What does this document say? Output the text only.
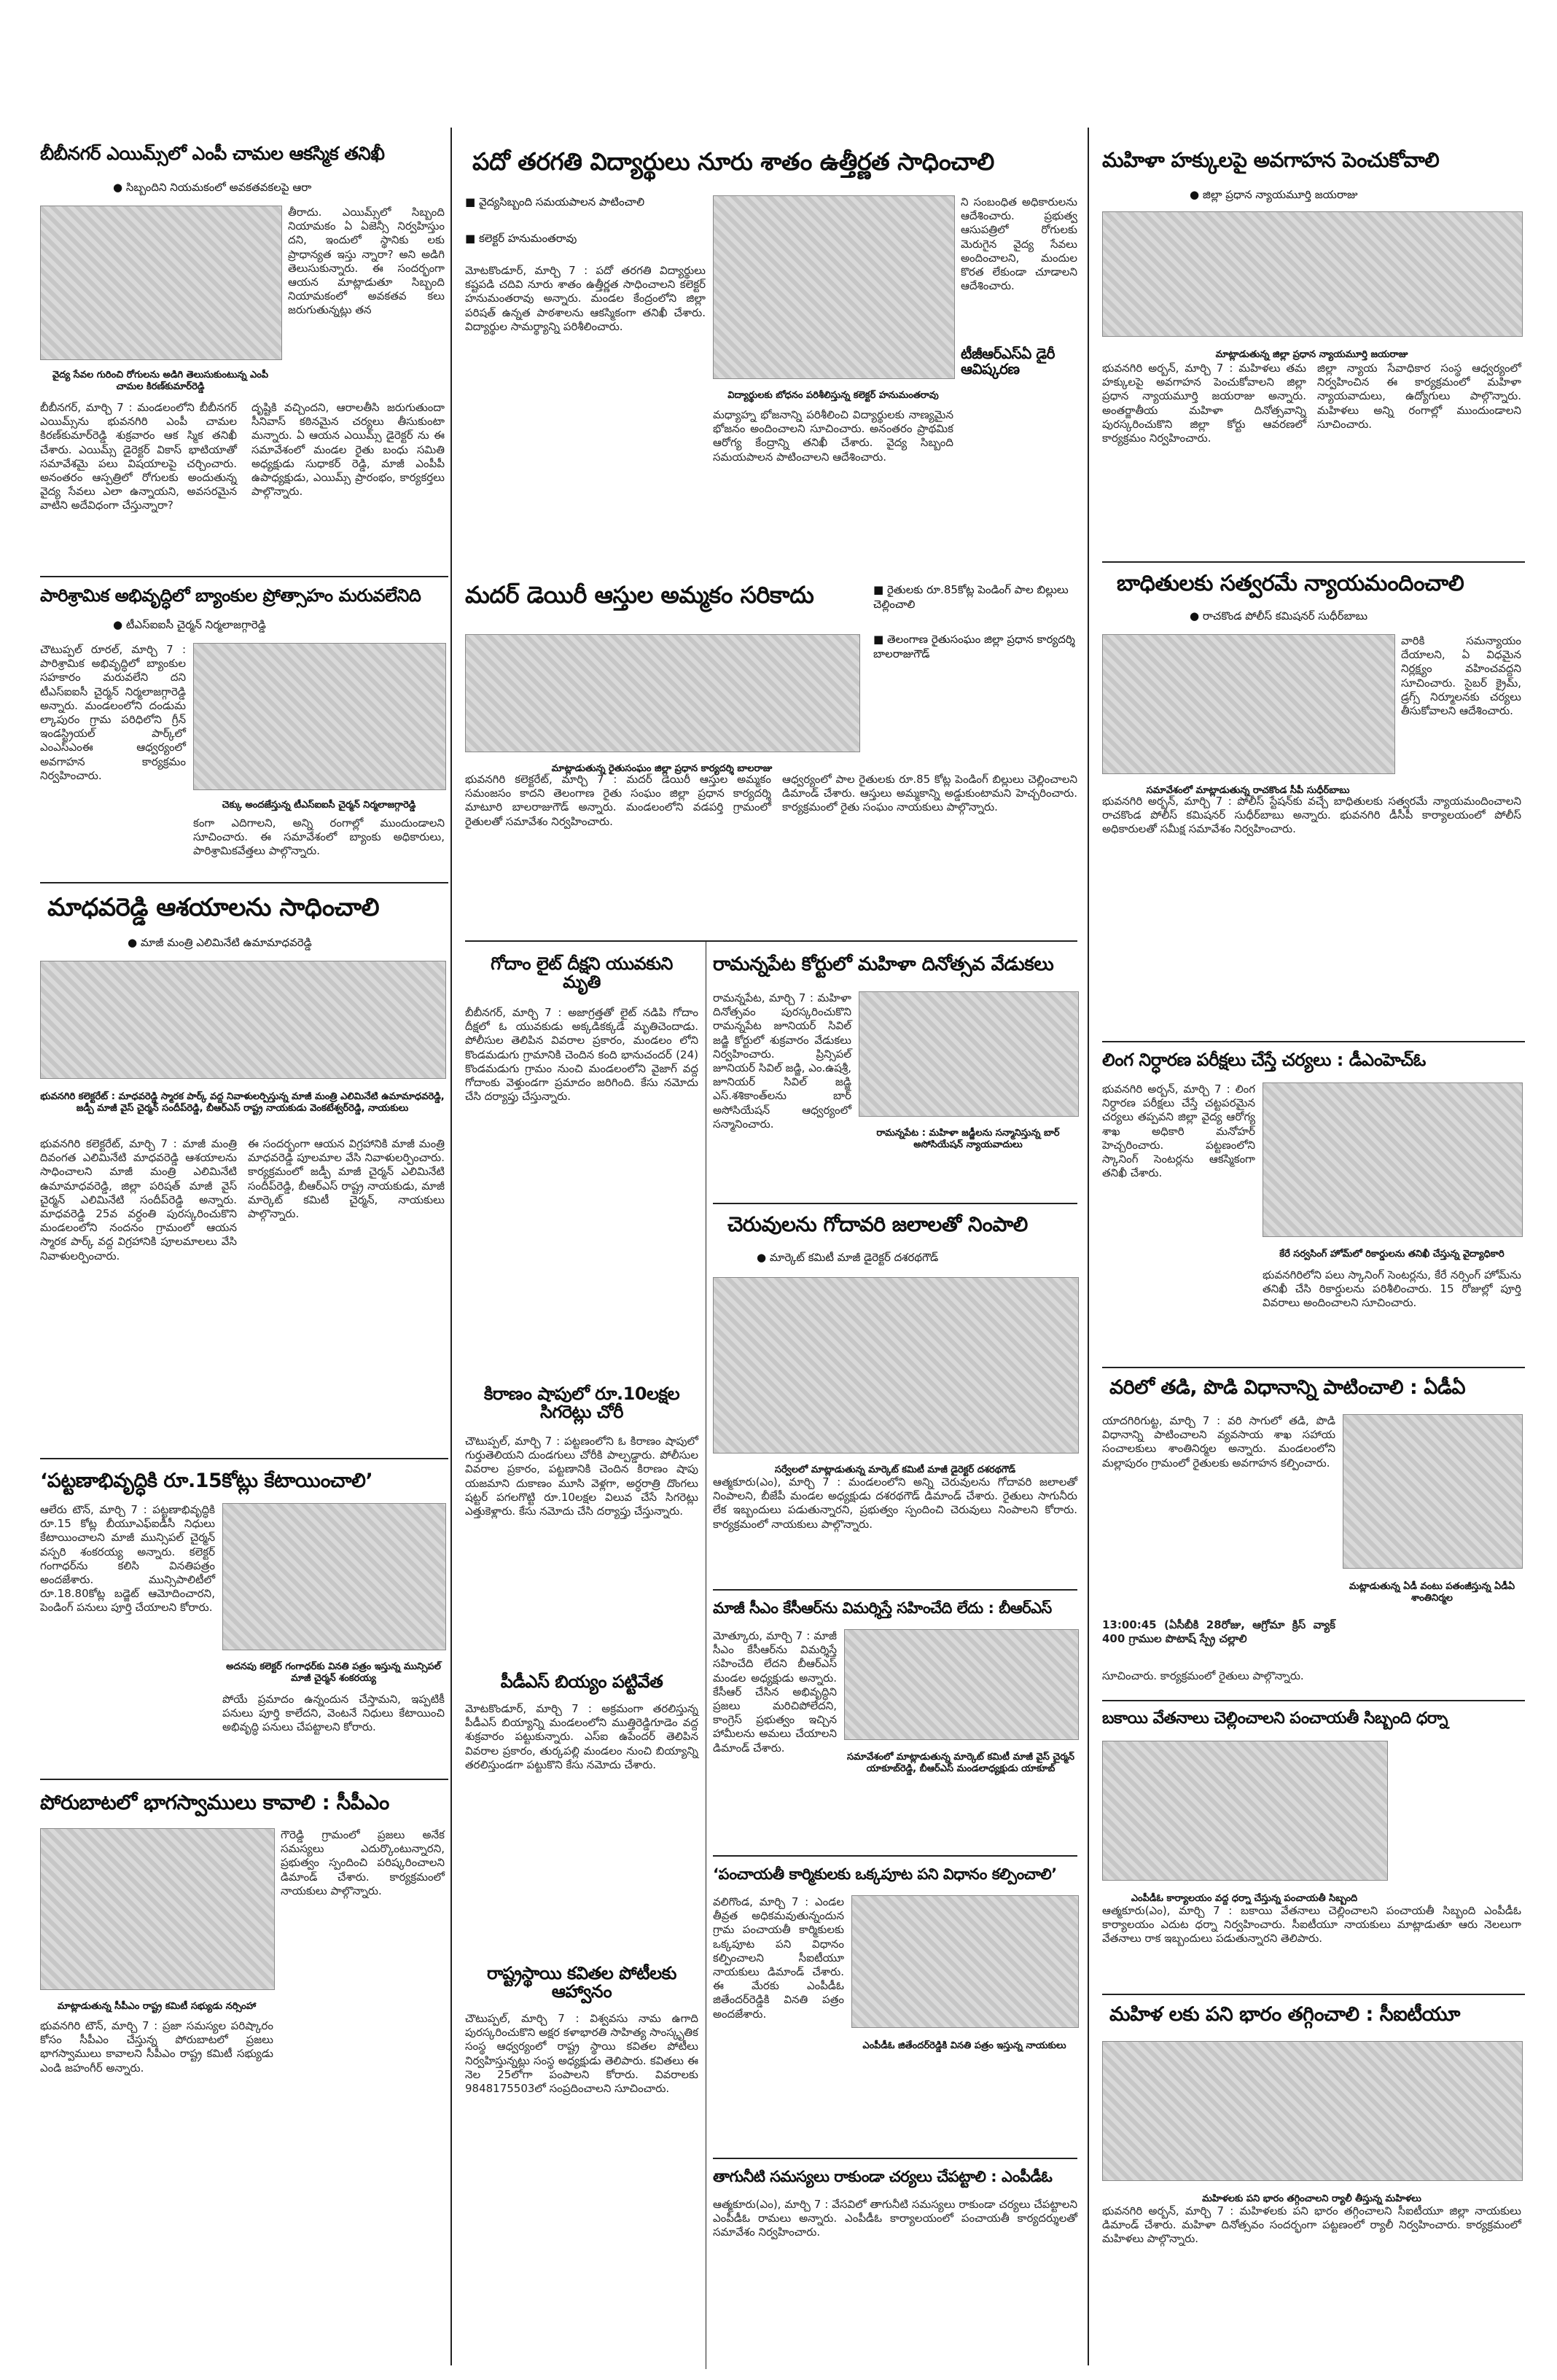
బీబీనగర్ ఎయిమ్స్‌లో ఎంపీ చామల ఆకస్మిక తనిఖీ

● సిబ్బందిని నియమకంలో అవకతవకలపై ఆరా

తీరాదు. ఎయిమ్స్‌లో సిబ్బంది నియామకం ఏ ఏజెన్సీ నిర్వహిస్తుం దని, ఇందులో స్థానికు లకు ప్రాధాన్యత ఇస్తు న్నారా? అని అడిగి తెలుసుకున్నారు. ఈ సందర్భంగా ఆయన మాట్లాడుతూ సిబ్బంది నియామకంలో అవకతవ కలు జరుగుతున్నట్లు తన

వైద్య సేవల గురించి రోగులను అడిగి తెలుసుకుంటున్న ఎంపీ చామల కిరణ్‌కుమార్‌రెడ్డి

బీబీనగర్, మార్చి 7 : మండలంలోని బీబీనగర్ ఎయిమ్స్‌ను భువనగిరి ఎంపీ చామల కిరణ్‌కుమార్‌రెడ్డి శుక్రవారం ఆక స్మిక తనిఖీ చేశారు. ఎయిమ్స్ డైరెక్టర్ వికాస్ భాటియాతో సమావేశమై పలు విషయాలపై చర్చించారు. అనంతరం ఆస్పత్రిలో రోగులకు అందుతున్న వైద్య సేవలు ఎలా ఉన్నాయని, అవసరమైన వాటిని అదేవిధంగా చేస్తున్నారా?

దృష్టికి వచ్చిందని, ఆరాలతీసి జరుగుతుందా సీనివాస్ కఠినమైన చర్యలు తీసుకుంటా మన్నారు. ఏ ఆయన ఎయిమ్స్ డైరెక్టర్ ను ఈ సమావేశంలో మండల రైతు బంధు సమితి అధ్యక్షుడు సుధాకర్ రెడ్డి, మాజీ ఎంపీపీ ఉపాధ్యక్షుడు, ఎయిమ్స్ ప్రారంభం, కార్యకర్తలు పాల్గొన్నారు.

పారిశ్రామిక అభివృద్ధిలో బ్యాంకుల ప్రోత్సాహం మరువలేనిది

● టీఎస్ఐఐసీ చైర్మన్ నిర్మలాజగ్గారెడ్డి

చౌటుప్పల్ రూరల్, మార్చి 7 : పారిశ్రామిక అభివృద్ధిలో బ్యాంకుల సహకారం మరువలేని దని టీఎస్ఐఐసీ చైర్మన్ నిర్మలాజగ్గారెడ్డి అన్నారు. మండలంలోని దండుమ ల్కాపురం గ్రామ పరిధిలోని గ్రీన్ ఇండస్ట్రియల్ పార్క్‌లో ఎంఎస్ఎంఈ ఆధ్వర్యంలో అవగాహన కార్యక్రమం నిర్వహించారు.

చెక్కు అందజేస్తున్న టీఎస్ఐఐసీ చైర్మన్ నిర్మలాజగ్గారెడ్డి

కంగా ఎదిగాలని, అన్ని రంగాల్లో ముందుండాలని సూచించారు. ఈ సమావేశంలో బ్యాంకు అధికారులు, పారిశ్రామికవేత్తలు పాల్గొన్నారు.

మాధవరెడ్డి ఆశయాలను సాధించాలి

● మాజీ మంత్రి ఎలిమినేటి ఉమామాధవరెడ్డి

భువనగిరి కలెక్టరేట్ : మాధవరెడ్డి స్మారక పార్క్ వద్ద నివాళులర్పిస్తున్న మాజీ మంత్రి ఎలిమినేటి ఉమామాధవరెడ్డి, జడ్పీ మాజీ వైస్ చైర్మన్ సందీప్‌రెడ్డి, బీఆర్ఎస్ రాష్ట్ర నాయకుడు వెంకటేశ్వర్‌రెడ్డి, నాయకులు

భువనగిరి కలెక్టరేట్, మార్చి 7 : మాజీ మంత్రి దివంగత ఎలిమినేటి మాధవరెడ్డి ఆశయాలను సాధించాలని మాజీ మంత్రి ఎలిమినేటి ఉమామాధవరెడ్డి, జిల్లా పరిషత్ మాజీ వైస్ చైర్మన్ ఎలిమినేటి సందీప్‌రెడ్డి అన్నారు. మాధవరెడ్డి 25వ వర్ధంతి పురస్కరించుకొని మండలంలోని నందనం గ్రామంలో ఆయన స్మారక పార్క్ వద్ద విగ్రహానికి పూలమాలలు వేసి నివాళులర్పించారు.

ఈ సందర్భంగా ఆయన విగ్రహానికి మాజీ మంత్రి మాధవరెడ్డి పూలమాల వేసి నివాళులర్పించారు. కార్యక్రమంలో జడ్పీ మాజీ చైర్మన్ ఎలిమినేటి సందీప్‌రెడ్డి, బీఆర్ఎస్ రాష్ట్ర నాయకుడు, మాజీ మార్కెట్ కమిటీ చైర్మన్, నాయకులు పాల్గొన్నారు.

‘పట్టణాభివృద్ధికి రూ.15కోట్లు కేటాయించాలి’

ఆలేరు టౌన్, మార్చి 7 : పట్టణాభివృద్ధికి రూ.15 కోట్ల బీయూఎఫ్ఐడీసీ నిధులు కేటాయించాలని మాజీ మున్సిపల్ చైర్మన్ వస్పరి శంకరయ్య అన్నారు. కలెక్టర్ గంగాధర్‌ను కలిసి వినతిపత్రం అందజేశారు. మున్సిపాలిటీలో రూ.18.80కోట్ల బడ్జెట్ ఆమోదించారని, పెండింగ్ పనులు పూర్తి చేయాలని కోరారు.

అదనపు కలెక్టర్ గంగాధర్‌కు వినతి పత్రం ఇస్తున్న మున్సిపల్ మాజీ చైర్మన్ శంకరయ్య

పోయే ప్రమాదం ఉన్నందున చేస్తామని, ఇప్పటికీ పనులు పూర్తి కాలేదని, వెంటనే నిధులు కేటాయించి అభివృద్ధి పనులు చేపట్టాలని కోరారు.

పోరుబాటలో భాగస్వాములు కావాలి : సీపీఎం

గౌరెడ్డి గ్రామంలో ప్రజలు అనేక సమస్యలు ఎదుర్కొంటున్నారని, ప్రభుత్వం స్పందించి పరిష్కరించాలని డిమాండ్ చేశారు. కార్యక్రమంలో నాయకులు పాల్గొన్నారు.

మాట్లాడుతున్న సీపీఎం రాష్ట్ర కమిటీ సభ్యుడు నర్సింహా

భువనగిరి టౌన్, మార్చి 7 : ప్రజా సమస్యల పరిష్కారం కోసం సీపీఎం చేస్తున్న పోరుబాటలో ప్రజలు భాగస్వాములు కావాలని సీపీఎం రాష్ట్ర కమిటీ సభ్యుడు ఎండి జహంగీర్ అన్నారు.

పదో తరగతి విద్యార్థులు నూరు శాతం ఉత్తీర్ణత సాధించాలి

■ వైద్యసిబ్బంది సమయపాలన పాటించాలి

■ కలెక్టర్ హనుమంతరావు

మోటకొండూర్, మార్చి 7 : పదో తరగతి విద్యార్థులు కష్టపడి చదివి నూరు శాతం ఉత్తీర్ణత సాధించాలని కలెక్టర్ హనుమంతరావు అన్నారు. మండల కేంద్రంలోని జిల్లా పరిషత్ ఉన్నత పాఠశాలను ఆకస్మికంగా తనిఖీ చేశారు. విద్యార్థుల సామర్థ్యాన్ని పరిశీలించారు.

విద్యార్థులకు బోధనం పరిశీలిస్తున్న కలెక్టర్ హనుమంతరావు

మధ్యాహ్న భోజనాన్ని పరిశీలించి విద్యార్థులకు నాణ్యమైన భోజనం అందించాలని సూచించారు. అనంతరం ప్రాథమిక ఆరోగ్య కేంద్రాన్ని తనిఖీ చేశారు. వైద్య సిబ్బంది సమయపాలన పాటించాలని ఆదేశించారు.

ని సంబంధిత అధికారులను ఆదేశించారు. ప్రభుత్వ ఆసుపత్రిలో రోగులకు మెరుగైన వైద్య సేవలు అందించాలని, మందుల కొరత లేకుండా చూడాలని ఆదేశించారు.

టీజీఆర్ఎస్‌ఏ డైరీ ఆవిష్కరణ

మదర్ డెయిరీ ఆస్తుల అమ్మకం సరికాదు

■	రైతులకు రూ.85కోట్ల పెండింగ్ పాల బిల్లులు చెల్లించాలి

■ తెలంగాణ రైతుసంఘం జిల్లా ప్రధాన కార్యదర్శి బాలరాజుగౌడ్

మాట్లాడుతున్న రైతుసంఘం జిల్లా ప్రధాన కార్యదర్శి బాలరాజు

భువనగిరి కలెక్టరేట్, మార్చి 7 : మదర్ డెయిరీ ఆస్తుల అమ్మకం సమంజసం కాదని తెలంగాణ రైతు సంఘం జిల్లా ప్రధాన కార్యదర్శి మాటూరి బాలరాజుగౌడ్ అన్నారు. మండలంలోని వడపర్తి గ్రామంలో రైతులతో సమావేశం నిర్వహించారు.

ఆధ్వర్యంలో పాల రైతులకు రూ.85 కోట్ల పెండింగ్ బిల్లులు చెల్లించాలని డిమాండ్ చేశారు. ఆస్తులు అమ్మకాన్ని అడ్డుకుంటామని హెచ్చరించారు. కార్యక్రమంలో రైతు సంఘం నాయకులు పాల్గొన్నారు.

గోదాం లైట్ దీక్షని యువకుని మృతి

బీబీనగర్, మార్చి 7 : అజాగ్రత్తతో లైట్ నడిపి గోదాం దీక్షలో ఓ యువకుడు అక్కడికక్కడే మృతిచెందాడు. పోలీసుల తెలిపిన వివరాల ప్రకారం, మండలం లోని కొండమడుగు గ్రామానికి చెందిన కంది భానుచందర్ (24) కొండమడుగు గ్రామం నుంచి మండలంలోని వైజాగ్ వద్ద గోదాంకు వెళ్తుండగా ప్రమాదం జరిగింది. కేసు నమోదు చేసి దర్యాప్తు చేస్తున్నారు.

కిరాణం షాపులో రూ.10లక్షల సిగరెట్లు చోరీ

చౌటుప్పల్, మార్చి 7 : పట్టణంలోని ఓ కిరాణం షాపులో గుర్తుతెలియని దుండగులు చోరీకి పాల్పడ్డారు. పోలీసుల వివరాల ప్రకారం, పట్టణానికి చెందిన కిరాణం షాపు యజమాని దుకాణం మూసి వెళ్లగా, అర్ధరాత్రి దొంగలు షట్టర్ పగలగొట్టి రూ.10లక్షల విలువ చేసే సిగరెట్లు ఎత్తుకెళ్లారు. కేసు నమోదు చేసి దర్యాప్తు చేస్తున్నారు.

పీడీఎస్ బియ్యం పట్టివేత

మోటకొండూర్, మార్చి 7 : అక్రమంగా తరలిస్తున్న పీడీఎస్ బియ్యాన్ని మండలంలోని ముత్తిరెడ్డిగూడెం వద్ద శుక్రవారం పట్టుకున్నారు. ఎస్ఐ ఉపేందర్ తెలిపిన వివరాల ప్రకారం, తుర్కపల్లి మండలం నుంచి బియ్యాన్ని తరలిస్తుండగా పట్టుకొని కేసు నమోదు చేశారు.

రాష్ట్రస్థాయి కవితల పోటీలకు ఆహ్వానం

చౌటుప్పల్, మార్చి 7 : విశ్వవసు నామ ఉగాది పురస్కరించుకొని అక్షర కళాభారతి సాహిత్య సాంస్కృతిక సంస్థ ఆధ్వర్యంలో రాష్ట్ర స్థాయి కవితల పోటీలు నిర్వహిస్తున్నట్లు సంస్థ అధ్యక్షుడు తెలిపారు. కవితలు ఈ నెల 25లోగా పంపాలని కోరారు. వివరాలకు 9848175503లో సంప్రదించాలని సూచించారు.

రామన్నపేట కోర్టులో మహిళా దినోత్సవ వేడుకలు

రామన్నపేట, మార్చి 7 : మహిళా దినోత్సవం పురస్కరించుకొని రామన్నపేట జూనియర్ సివిల్ జడ్జి కోర్టులో శుక్రవారం వేడుకలు నిర్వహించారు. ప్రిన్సిపల్ జూనియర్ సివిల్ జడ్జి, ఎం.ఉషశ్రీ, జూనియర్ సివిల్ జడ్జి ఎస్.శశికాంత్‌లను బార్ అసోసియేషన్ ఆధ్వర్యంలో సన్మానించారు.

రామన్నపేట : మహిళా జడ్జీలను సన్మానిస్తున్న బార్ అసోసియేషన్ న్యాయవాదులు

చెరువులను గోదావరి జలాలతో నింపాలి

● మార్కెట్ కమిటీ మాజీ డైరెక్టర్ దశరథగౌడ్

సర్వేలలో మాట్లాడుతున్న మార్కెట్ కమిటీ మాజీ డైరెక్టర్ దశరథగౌడ్

ఆత్మకూరు(ఎం), మార్చి 7 : మండలంలోని అన్ని చెరువులను గోదావరి జలాలతో నింపాలని, బీజేపీ మండల అధ్యక్షుడు దశరథగౌడ్ డిమాండ్ చేశారు. రైతులు సాగునీరు లేక ఇబ్బందులు పడుతున్నారని, ప్రభుత్వం స్పందించి చెరువులు నింపాలని కోరారు. కార్యక్రమంలో నాయకులు పాల్గొన్నారు.

మాజీ సీఎం కేసీఆర్‌ను విమర్శిస్తే సహించేది లేదు : బీఆర్ఎస్

మోత్కూరు, మార్చి 7 : మాజీ సీఎం కేసీఆర్‌ను విమర్శిస్తే సహించేది లేదని బీఆర్ఎస్ మండల అధ్యక్షుడు అన్నారు. కేసీఆర్ చేసిన అభివృద్ధిని ప్రజలు మరిచిపోలేదని, కాంగ్రెస్ ప్రభుత్వం ఇచ్చిన హామీలను అమలు చేయాలని డిమాండ్ చేశారు.

సమావేశంలో మాట్లాడుతున్న మార్కెట్ కమిటీ మాజీ వైస్ చైర్మన్ యాకూబ్‌రెడ్డి, బీఆర్ఎస్ మండలాధ్యక్షుడు యాకూబ్

‘పంచాయతీ కార్మికులకు ఒక్కపూట పని విధానం కల్పించాలి’

వలిగొండ, మార్చి 7 : ఎండల తీవ్రత అధికమవుతున్నందున గ్రామ పంచాయతీ కార్మికులకు ఒక్కపూట పని విధానం కల్పించాలని సీఐటీయూ నాయకులు డిమాండ్ చేశారు. ఈ మేరకు ఎంపీడీఓ జితేందర్‌రెడ్డికి వినతి పత్రం అందజేశారు.

ఎంపీడీఓ జితేందర్‌రెడ్డికి వినతి పత్రం ఇస్తున్న నాయకులు

తాగునీటి సమస్యలు రాకుండా చర్యలు చేపట్టాలి : ఎంపీడీఓ

ఆత్మకూరు(ఎం), మార్చి 7 : వేసవిలో తాగునీటి సమస్యలు రాకుండా చర్యలు చేపట్టాలని ఎంపీడీఓ రామలు అన్నారు. ఎంపీడీఓ కార్యాలయంలో పంచాయతీ కార్యదర్శులతో సమావేశం నిర్వహించారు.

మహిళా హక్కులపై అవగాహన పెంచుకోవాలి

● జిల్లా ప్రధాన న్యాయమూర్తి జయరాజు

మాట్లాడుతున్న జిల్లా ప్రధాన న్యాయమూర్తి జయరాజు

భువనగిరి అర్బన్, మార్చి 7 : మహిళలు తమ హక్కులపై అవగాహన పెంచుకోవాలని జిల్లా ప్రధాన న్యాయమూర్తి జయరాజు అన్నారు. అంతర్జాతీయ మహిళా దినోత్సవాన్ని పురస్కరించుకొని జిల్లా కోర్టు ఆవరణలో కార్యక్రమం నిర్వహించారు.

జిల్లా న్యాయ సేవాధికార సంస్థ ఆధ్వర్యంలో నిర్వహించిన ఈ కార్యక్రమంలో మహిళా న్యాయవాదులు, ఉద్యోగులు పాల్గొన్నారు. మహిళలు అన్ని రంగాల్లో ముందుండాలని సూచించారు.

బాధితులకు సత్వరమే న్యాయమందించాలి

● రాచకొండ పోలీస్ కమిషనర్ సుధీర్‌బాబు

వారికి సమన్యాయం దేయాలని, ఏ విధమైన నిర్లక్ష్యం వహించవద్దని సూచించారు. సైబర్ క్రైమ్, డ్రగ్స్ నిర్మూలనకు చర్యలు తీసుకోవాలని ఆదేశించారు.

సమావేశంలో మాట్లాడుతున్న రాచకొండ సీపీ సుధీర్‌బాబు

భువనగిరి అర్బన్, మార్చి 7 : పోలీస్ స్టేషన్‌కు వచ్చే బాధితులకు సత్వరమే న్యాయమందించాలని రాచకొండ పోలీస్ కమిషనర్ సుధీర్‌బాబు అన్నారు. భువనగిరి డీసీపీ కార్యాలయంలో పోలీస్ అధికారులతో సమీక్ష సమావేశం నిర్వహించారు.

లింగ నిర్ధారణ పరీక్షలు చేస్తే చర్యలు : డీఎంహెచ్ఓ

భువనగిరి అర్బన్, మార్చి 7 : లింగ నిర్ధారణ పరీక్షలు చేస్తే చట్టపరమైన చర్యలు తప్పవని జిల్లా వైద్య ఆరోగ్య శాఖ అధికారి మనోహర్ హెచ్చరించారు. పట్టణంలోని స్కానింగ్ సెంటర్లను ఆకస్మికంగా తనిఖీ చేశారు.

కేరే సర్వసింగ్ హోమ్‌లో రికార్డులను తనిఖీ చేస్తున్న వైద్యాధికారి

భువనగిరిలోని పలు స్కానింగ్ సెంటర్లను, కేరే నర్సింగ్ హోమ్‌ను తనిఖీ చేసి రికార్డులను పరిశీలించారు. 15 రోజుల్లో పూర్తి వివరాలు అందించాలని సూచించారు.

వరిలో తడి, పొడి విధానాన్ని పాటించాలి : ఏడీఏ

యాదగిరిగుట్ట, మార్చి 7 : వరి సాగులో తడి, పొడి విధానాన్ని పాటించాలని వ్యవసాయ శాఖ సహాయ సంచాలకులు శాంతినిర్మల అన్నారు. మండలంలోని మల్లాపురం గ్రామంలో రైతులకు అవగాహన కల్పించారు.

మట్లాడుతున్న ఏడీ వంటు పతంజీస్తున్న ఏడీఏ శాంతినిర్మల

13:00:45 (ఏసీబీకి 28రోజు, ఆగ్రోమా క్రిస్ వ్యాక్ 400 గ్రాముల పొటాష్ స్ప్రే చల్లాలి

సూచించారు. కార్యక్రమంలో రైతులు పాల్గొన్నారు.

బకాయి వేతనాలు చెల్లించాలని పంచాయతీ సిబ్బంది ధర్నా

ఎంపీడీఓ కార్యాలయం వద్ద ధర్నా చేస్తున్న పంచాయతీ సిబ్బంది

ఆత్మకూరు(ఎం), మార్చి 7 : బకాయి వేతనాలు చెల్లించాలని పంచాయతీ సిబ్బంది ఎంపీడీఓ కార్యాలయం ఎదుట ధర్నా నిర్వహించారు. సీఐటీయూ నాయకులు మాట్లాడుతూ ఆరు నెలలుగా వేతనాలు రాక ఇబ్బందులు పడుతున్నారని తెలిపారు.

మహిళ లకు పని భారం తగ్గించాలి : సీఐటీయూ

మహిళలకు పని భారం తగ్గించాలని ర్యాలీ తీస్తున్న మహిళలు

భువనగిరి అర్బన్, మార్చి 7 : మహిళలకు పని భారం తగ్గించాలని సీఐటీయూ జిల్లా నాయకులు డిమాండ్ చేశారు. మహిళా దినోత్సవం సందర్భంగా పట్టణంలో ర్యాలీ నిర్వహించారు. కార్యక్రమంలో మహిళలు పాల్గొన్నారు.
